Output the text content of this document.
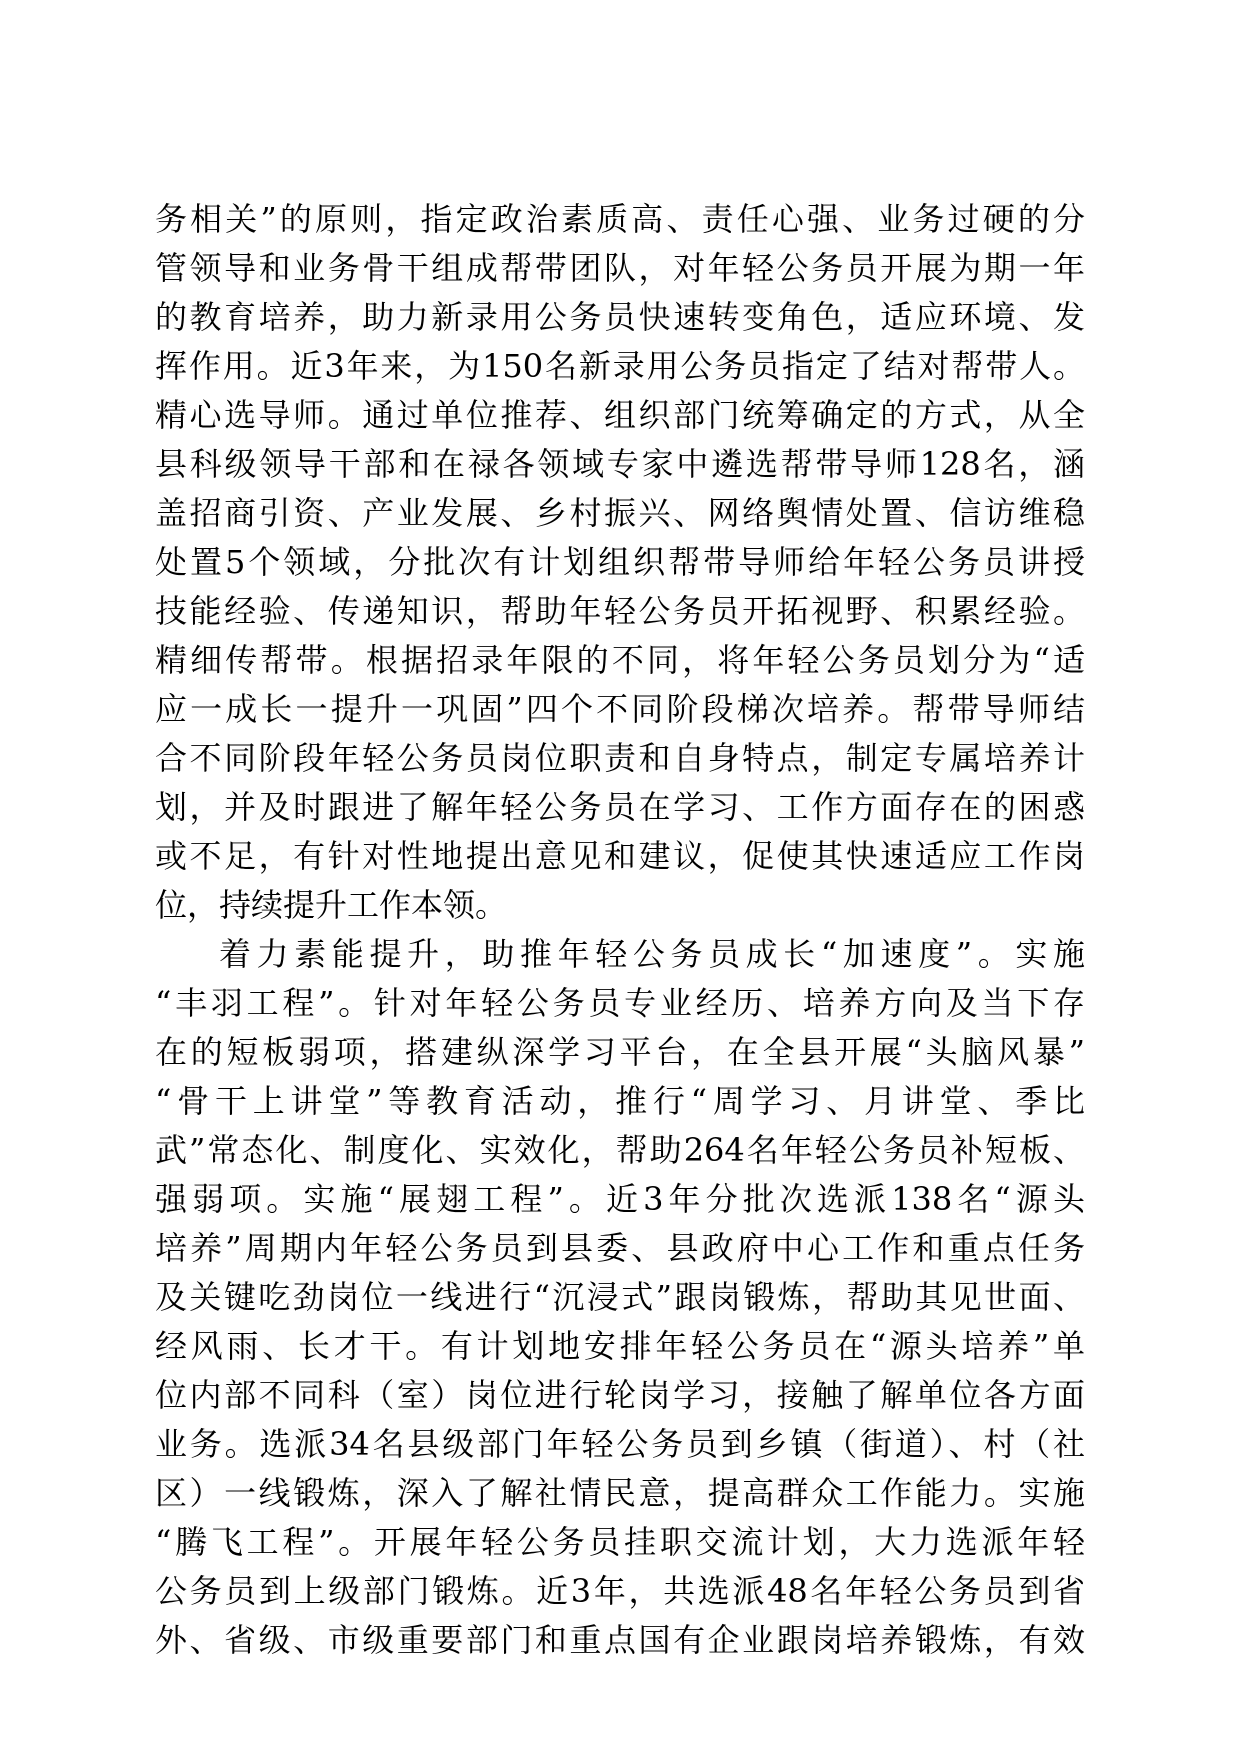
务相关”的原则，指定政治素质高、责任心强、业务过硬的分
管领导和业务骨干组成帮带团队，对年轻公务员开展为期一年
的教育培养，助力新录用公务员快速转变角色，适应环境、发
挥作用。近3年来，为150名新录用公务员指定了结对帮带人。
精心选导师。通过单位推荐、组织部门统筹确定的方式，从全
县科级领导干部和在禄各领域专家中遴选帮带导师128名，涵
盖招商引资、产业发展、乡村振兴、网络舆情处置、信访维稳
处置5个领域，分批次有计划组织帮带导师给年轻公务员讲授
技能经验、传递知识，帮助年轻公务员开拓视野、积累经验。
精细传帮带。根据招录年限的不同，将年轻公务员划分为“适
应一成长一提升一巩固”四个不同阶段梯次培养。帮带导师结
合不同阶段年轻公务员岗位职责和自身特点，制定专属培养计
划，并及时跟进了解年轻公务员在学习、工作方面存在的困惑
或不足，有针对性地提出意见和建议，促使其快速适应工作岗
位，持续提升工作本领。
着力素能提升，助推年轻公务员成长“加速度”。实施
“丰羽工程”。针对年轻公务员专业经历、培养方向及当下存
在的短板弱项，搭建纵深学习平台，在全县开展“头脑风暴”
“骨干上讲堂”等教育活动，推行“周学习、月讲堂、季比
武”常态化、制度化、实效化，帮助264名年轻公务员补短板、
强弱项。实施“展翅工程”。近3年分批次选派138名“源头
培养”周期内年轻公务员到县委、县政府中心工作和重点任务
及关键吃劲岗位一线进行“沉浸式”跟岗锻炼，帮助其见世面、
经风雨、长才干。有计划地安排年轻公务员在“源头培养”单
位内部不同科（室）岗位进行轮岗学习，接触了解单位各方面
业务。选派34名县级部门年轻公务员到乡镇（街道）、村（社
区）一线锻炼，深入了解社情民意，提高群众工作能力。实施
“腾飞工程”。开展年轻公务员挂职交流计划，大力选派年轻
公务员到上级部门锻炼。近3年，共选派48名年轻公务员到省
外、省级、市级重要部门和重点国有企业跟岗培养锻炼，有效
